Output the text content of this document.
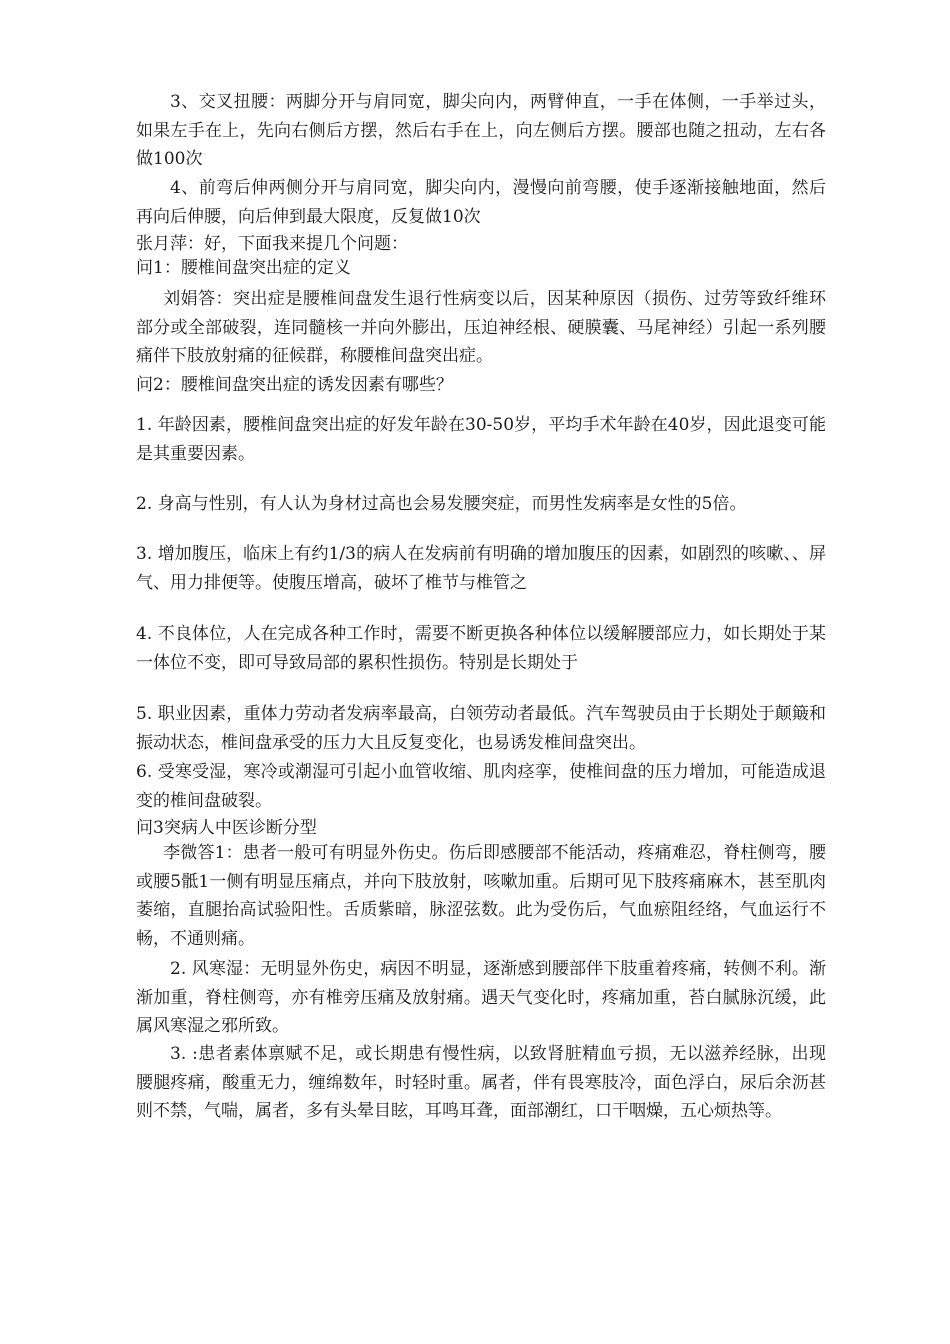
3、交叉扭腰：两脚分开与肩同宽，脚尖向内，两臂伸直，一手在体侧，一手举过头，如果左手在上，先向右侧后方摆，然后右手在上，向左侧后方摆。腰部也随之扭动，左右各做100次

4、前弯后伸两侧分开与肩同宽，脚尖向内，漫慢向前弯腰，使手逐渐接触地面，然后再向后伸腰，向后伸到最大限度，反复做10次

张月萍：好，下面我来提几个问题：

问1：腰椎间盘突出症的定义

刘娟答：突出症是腰椎间盘发生退行性病变以后，因某种原因（损伤、过劳等致纤维环部分或全部破裂，连同髓核一并向外膨出，压迫神经根、硬膜囊、马尾神经）引起一系列腰痛伴下肢放射痛的征候群，称腰椎间盘突出症。

问2：腰椎间盘突出症的诱发因素有哪些？

1. 年龄因素，腰椎间盘突出症的好发年龄在30-50岁，平均手术年龄在40岁，因此退变可能是其重要因素。

2. 身高与性别，有人认为身材过高也会易发腰突症，而男性发病率是女性的5倍。

3. 增加腹压，临床上有约1/3的病人在发病前有明确的增加腹压的因素，如剧烈的咳嗽、、屏气、用力排便等。使腹压增高，破坏了椎节与椎管之

4. 不良体位，人在完成各种工作时，需要不断更换各种体位以缓解腰部应力，如长期处于某一体位不变，即可导致局部的累积性损伤。特别是长期处于

5. 职业因素，重体力劳动者发病率最高，白领劳动者最低。汽车驾驶员由于长期处于颠簸和振动状态，椎间盘承受的压力大且反复变化，也易诱发椎间盘突出。

6. 受寒受湿，寒冷或潮湿可引起小血管收缩、肌肉痉挛，使椎间盘的压力增加，可能造成退变的椎间盘破裂。

问3突病人中医诊断分型

李微答1：患者一般可有明显外伤史。伤后即感腰部不能活动，疼痛难忍，脊柱侧弯，腰或腰5骶1一侧有明显压痛点，并向下肢放射，咳嗽加重。后期可见下肢疼痛麻木，甚至肌肉萎缩，直腿抬高试验阳性。舌质紫暗，脉涩弦数。此为受伤后，气血瘀阻经络，气血运行不畅，不通则痛。

2. 风寒湿：无明显外伤史，病因不明显，逐渐感到腰部伴下肢重着疼痛，转侧不利。渐渐加重，脊柱侧弯，亦有椎旁压痛及放射痛。遇天气变化时，疼痛加重，苔白腻脉沉缓，此属风寒湿之邪所致。

3. :患者素体禀赋不足，或长期患有慢性病，以致肾脏精血亏损，无以滋养经脉，出现腰腿疼痛，酸重无力，缠绵数年，时轻时重。属者，伴有畏寒肢冷，面色浮白，尿后余沥甚则不禁，气喘，属者，多有头晕目眩，耳鸣耳聋，面部潮红，口干咽燥，五心烦热等。
